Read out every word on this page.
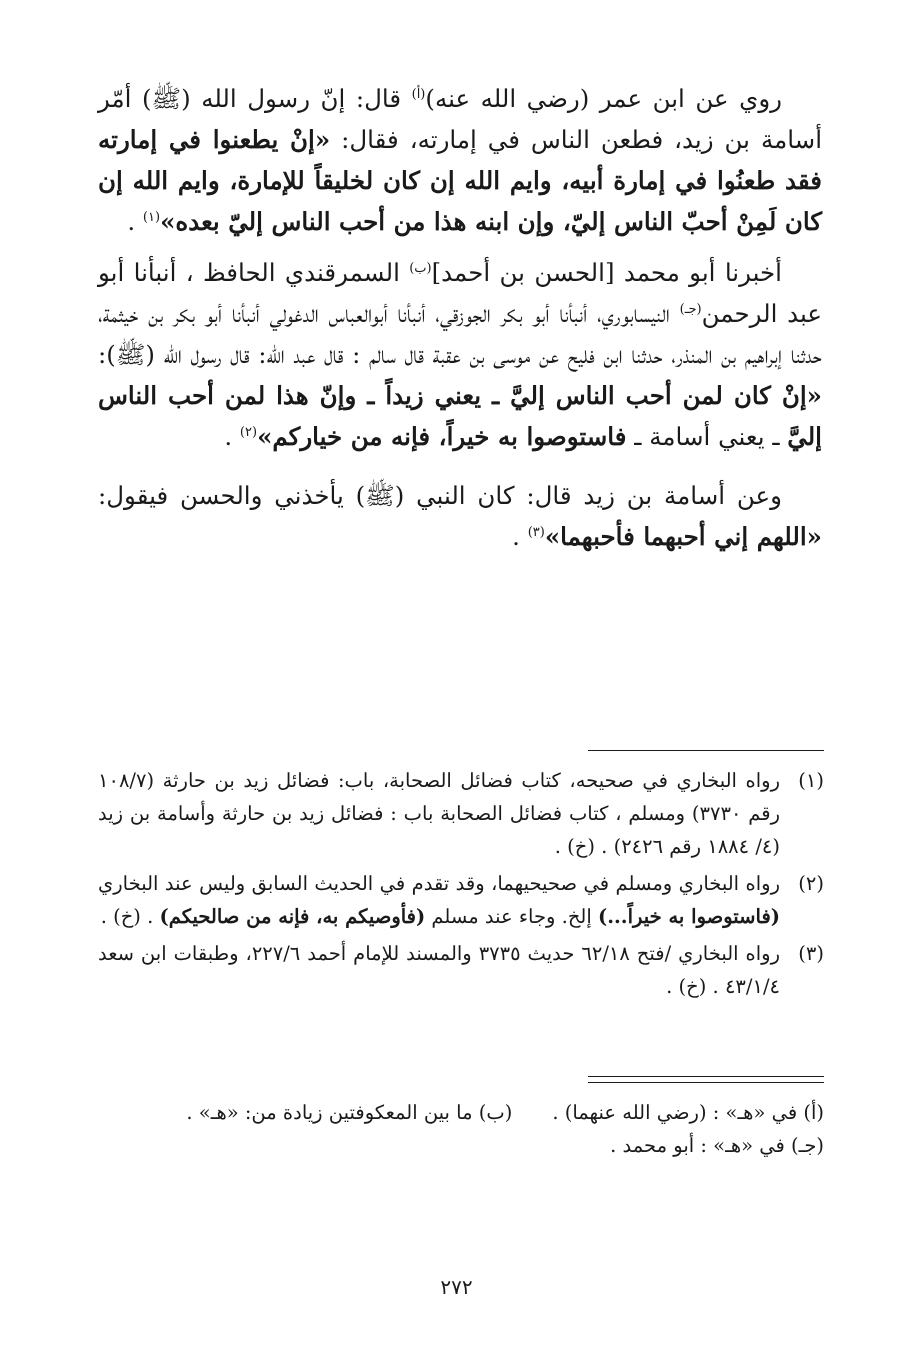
روي عن ابن عمر (رضي الله عنه)$^{(أ)}$ قال: إنّ رسول الله (ﷺ) أمّر أسامة بن زيد، فطعن الناس في إمارته، فقال: «إنْ يطعنوا في إمارته فقد طعنُوا في إمارة أبيه، وايم الله إن كان لخليقاً للإمارة، وايم الله إن كان لَمِنْ أحبّ الناس إليّ، وإن ابنه هذا من أحب الناس إليّ بعده»$^{(١)}$ .

أخبرنا أبو محمد [الحسن بن أحمد]$^{(ب)}$ السمرقندي الحافظ ، أنبأنا أبو عبد الرحمن$^{(جـ)}$ النيسابوري، أنبأنا أبو بكر الجوزقي، أنبأنا أبوالعباس الدغولي أنبأنا أبو بكر بن خيثمة، حدثنا إبراهيم بن المنذر، حدثنا ابن فليح عن موسى بن عقبة قال سالم : قال عبد الله: قال رسول الله (ﷺ): «إنْ كان لمن أحب الناس إليَّ ـ يعني زيداً ـ وإنّ هذا لمن أحب الناس إليَّ ـ يعني أسامة ـ فاستوصوا به خيراً، فإنه من خياركم»$^{(٢)}$ .

وعن أسامة بن زيد قال: كان النبي (ﷺ) يأخذني والحسن فيقول: «اللهم إني أحبهما فأحبهما»$^{(٣)}$ .

(١)
رواه البخاري في صحيحه، كتاب فضائل الصحابة، باب: فضائل زيد بن حارثة (١٠٨/٧ رقم ٣٧٣٠) ومسلم ، كتاب فضائل الصحابة باب : فضائل زيد بن حارثة وأسامة بن زيد (٤/ ١٨٨٤ رقم ٢٤٢٦) . (خ) .

(٢)
رواه البخاري ومسلم في صحيحيهما، وقد تقدم في الحديث السابق وليس عند البخاري (فاستوصوا به خيراً...) إلخ. وجاء عند مسلم (فأوصيكم به، فإنه من صالحيكم) . (خ) .

(٣)
رواه البخاري /فتح ٦٢/١٨ حديث ٣٧٣٥ والمسند للإمام أحمد ٢٢٧/٦، وطبقات ابن سعد ٤٣/١/٤ . (خ) .

(أ) في «هـ» : (رضي الله عنهما) .(ب) ما بين المعكوفتين زيادة من: «هـ» .
(جـ) في «هـ» : أبو محمد .
٢٧٢
